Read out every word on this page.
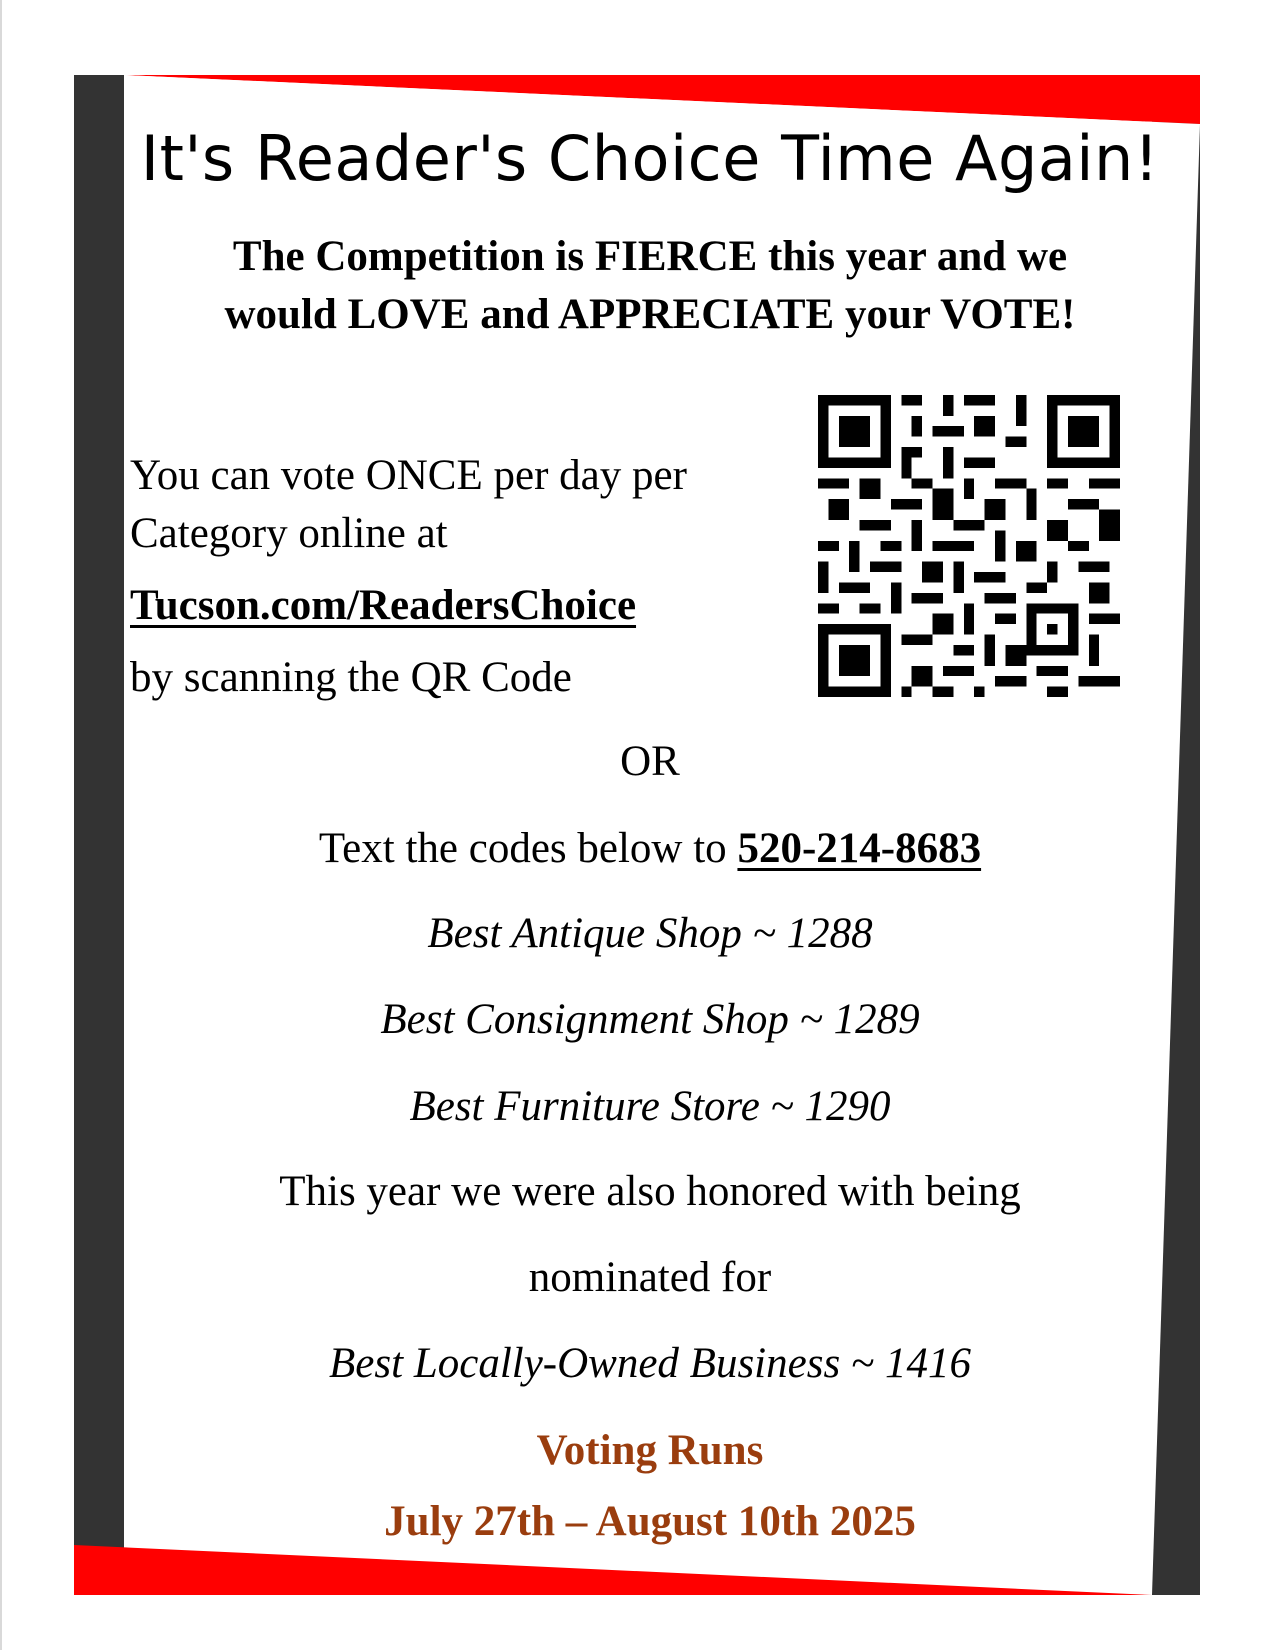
It's Reader's Choice Time Again!
The Competition is FIERCE this year and we
would LOVE and APPRECIATE your VOTE!
You can vote ONCE per day per
Category online at
Tucson.com/ReadersChoice
by scanning the QR Code
OR
Text the codes below to 520-214-8683
Best Antique Shop ~ 1288
Best Consignment Shop ~ 1289
Best Furniture Store ~ 1290
This year we were also honored with being
nominated for
Best Locally-Owned Business ~ 1416
Voting Runs
July 27th – August 10th 2025
